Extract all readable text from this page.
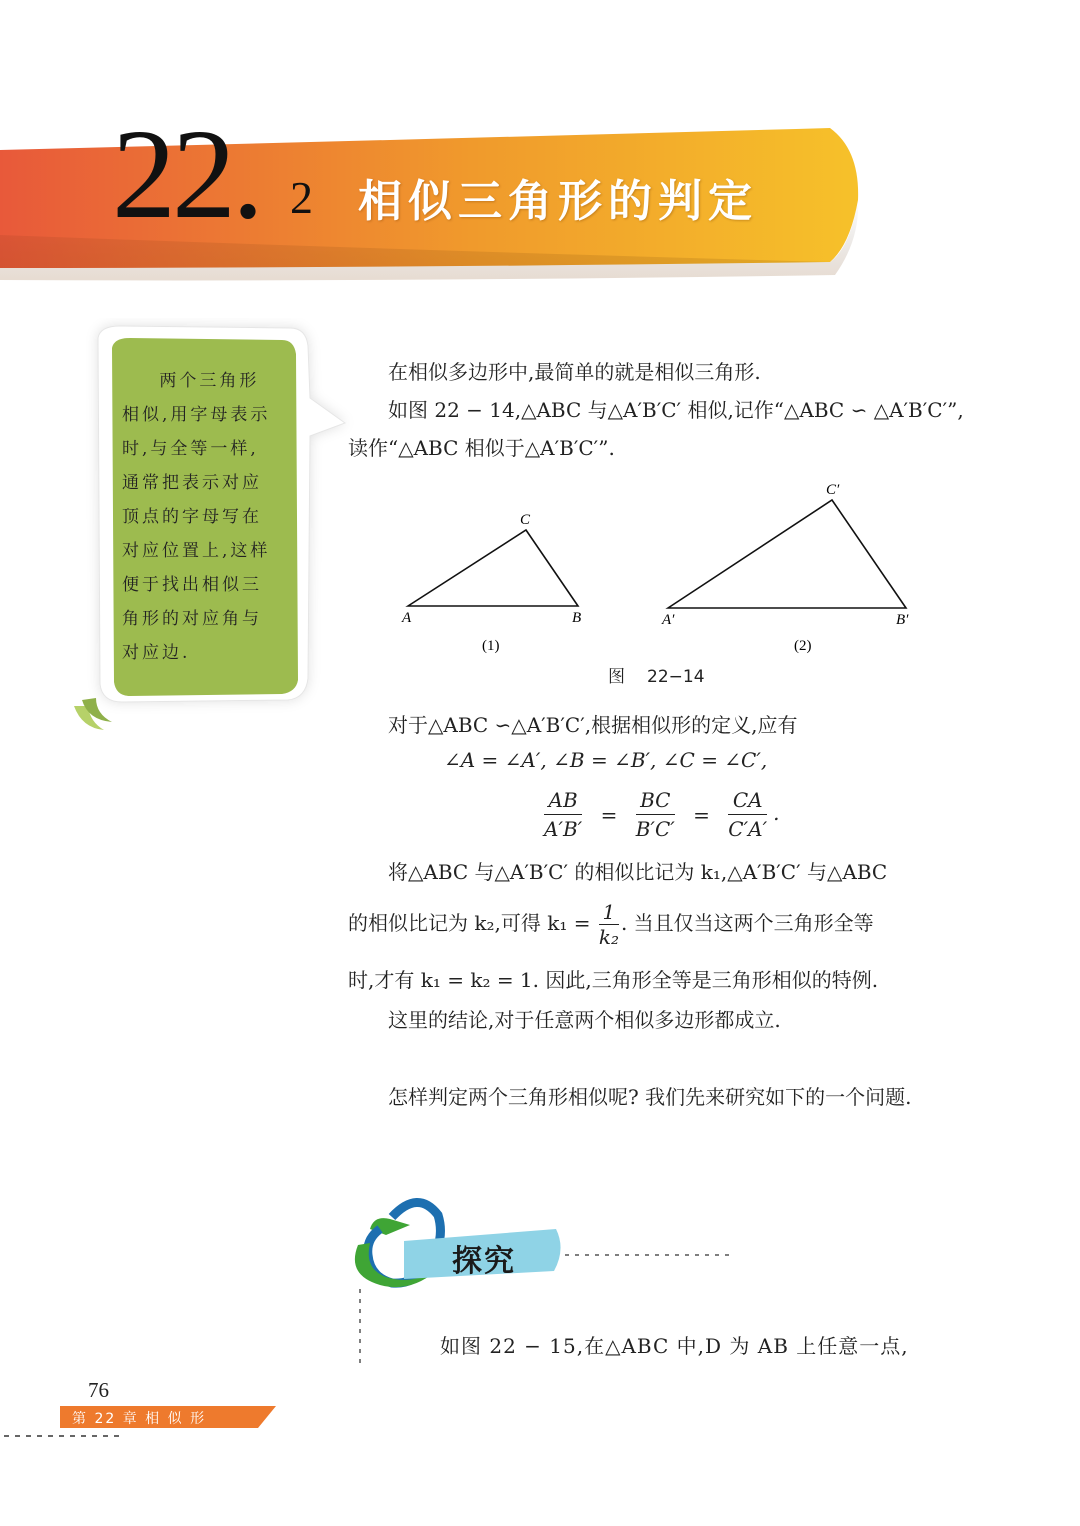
22. 2 相似三角形的判定
两个三角形相似,用字母表示时,与全等一样,通常把表示对应顶点的字母写在对应位置上,这样便于找出相似三角形的对应角与对应边.
在相似多边形中,最简单的就是相似三角形.
如图 22 − 14,△ABC 与△A′B′C′ 相似,记作“△ABC ∽ △A′B′C′”, 读作“△ABC 相似于△A′B′C′”.
C
A	B
C′
A′	B′
(1)	(2)
图 22−14
对于△ABC ∽△A′B′C′,根据相似形的定义,应有
∠A = ∠A′, ∠B = ∠B′, ∠C = ∠C′,
$\frac{AB}{A'B'} = \frac{BC}{B'C'} = \frac{CA}{C'A'}$ .
将△ABC 与△A′B′C′ 的相似比记为 k₁,△A′B′C′ 与△ABC
的相似比记为 k₂,可得 $k_1 = \frac{1}{\text{k₂}}$ . 当且仅当这两个三角形全等
时,才有 k₁ = k₂ = 1. 因此,三角形全等是三角形相似的特例.
这里的结论,对于任意两个相似多边形都成立.
怎样判定两个三角形相似呢? 我们先来研究如下的一个问题.
探究
如图 22 − 15,在△ABC 中,D 为 AB 上任意一点,
76
第 22 章 相 似 形
